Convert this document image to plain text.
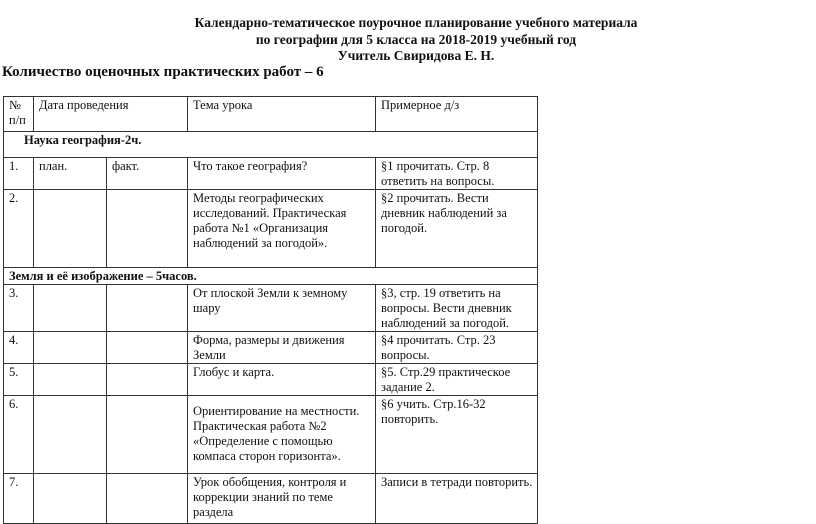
Календарно-тематическое поурочное планирование учебного материала
по географии для 5 класса на 2018-2019 учебный год
Учитель Свиридова Е. Н.
Количество оценочных практических работ – 6
№ п/п	Дата проведения		Тема урока	Примерное д/з
Наука география-2ч.				
1.	план.	факт.	Что такое география?	§1 прочитать. Стр. 8 ответить на вопросы.
2.			Методы географических исследований. Практическая работа №1 «Организация наблюдений за погодой».	§2 прочитать. Вести дневник наблюдений за погодой.
Земля и её изображение – 5часов.				
3.			От плоской Земли к земному шару	§3, стр. 19 ответить на вопросы. Вести дневник наблюдений за погодой.
4.			Форма, размеры и движения Земли	§4 прочитать. Стр. 23 вопросы.
5.			Глобус и карта.	§5. Стр.29 практическое задание 2.
6.			Ориентирование на местности. Практическая работа №2 «Определение с помощью компаса сторон горизонта».	§6 учить. Стр.16-32 повторить.
7.			Урок обобщения, контроля и коррекции знаний по теме раздела	Записи в тетради повторить.
